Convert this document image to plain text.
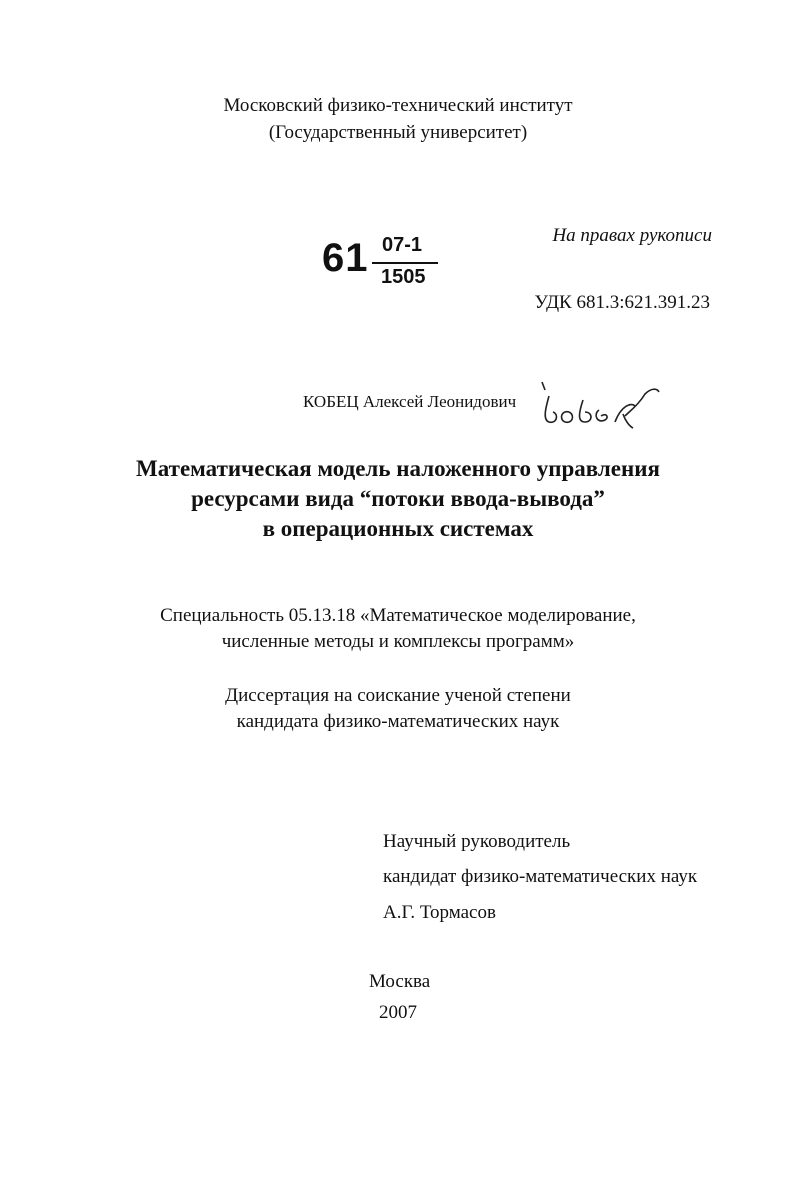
Московский физико-технический институт
(Государственный университет)
61 07-1
1505
На правах рукописи
УДК 681.3:621.391.23
КОБЕЦ Алексей Леонидович
Математическая модель наложенного управления
ресурсами вида “потоки ввода-вывода”
в операционных системах
Специальность 05.13.18 «Математическое моделирование,
численные методы и комплексы программ»
Диссертация на соискание ученой степени
кандидата физико-математических наук
Научный руководитель
кандидат физико-математических наук
А.Г. Тормасов
Москва
2007
